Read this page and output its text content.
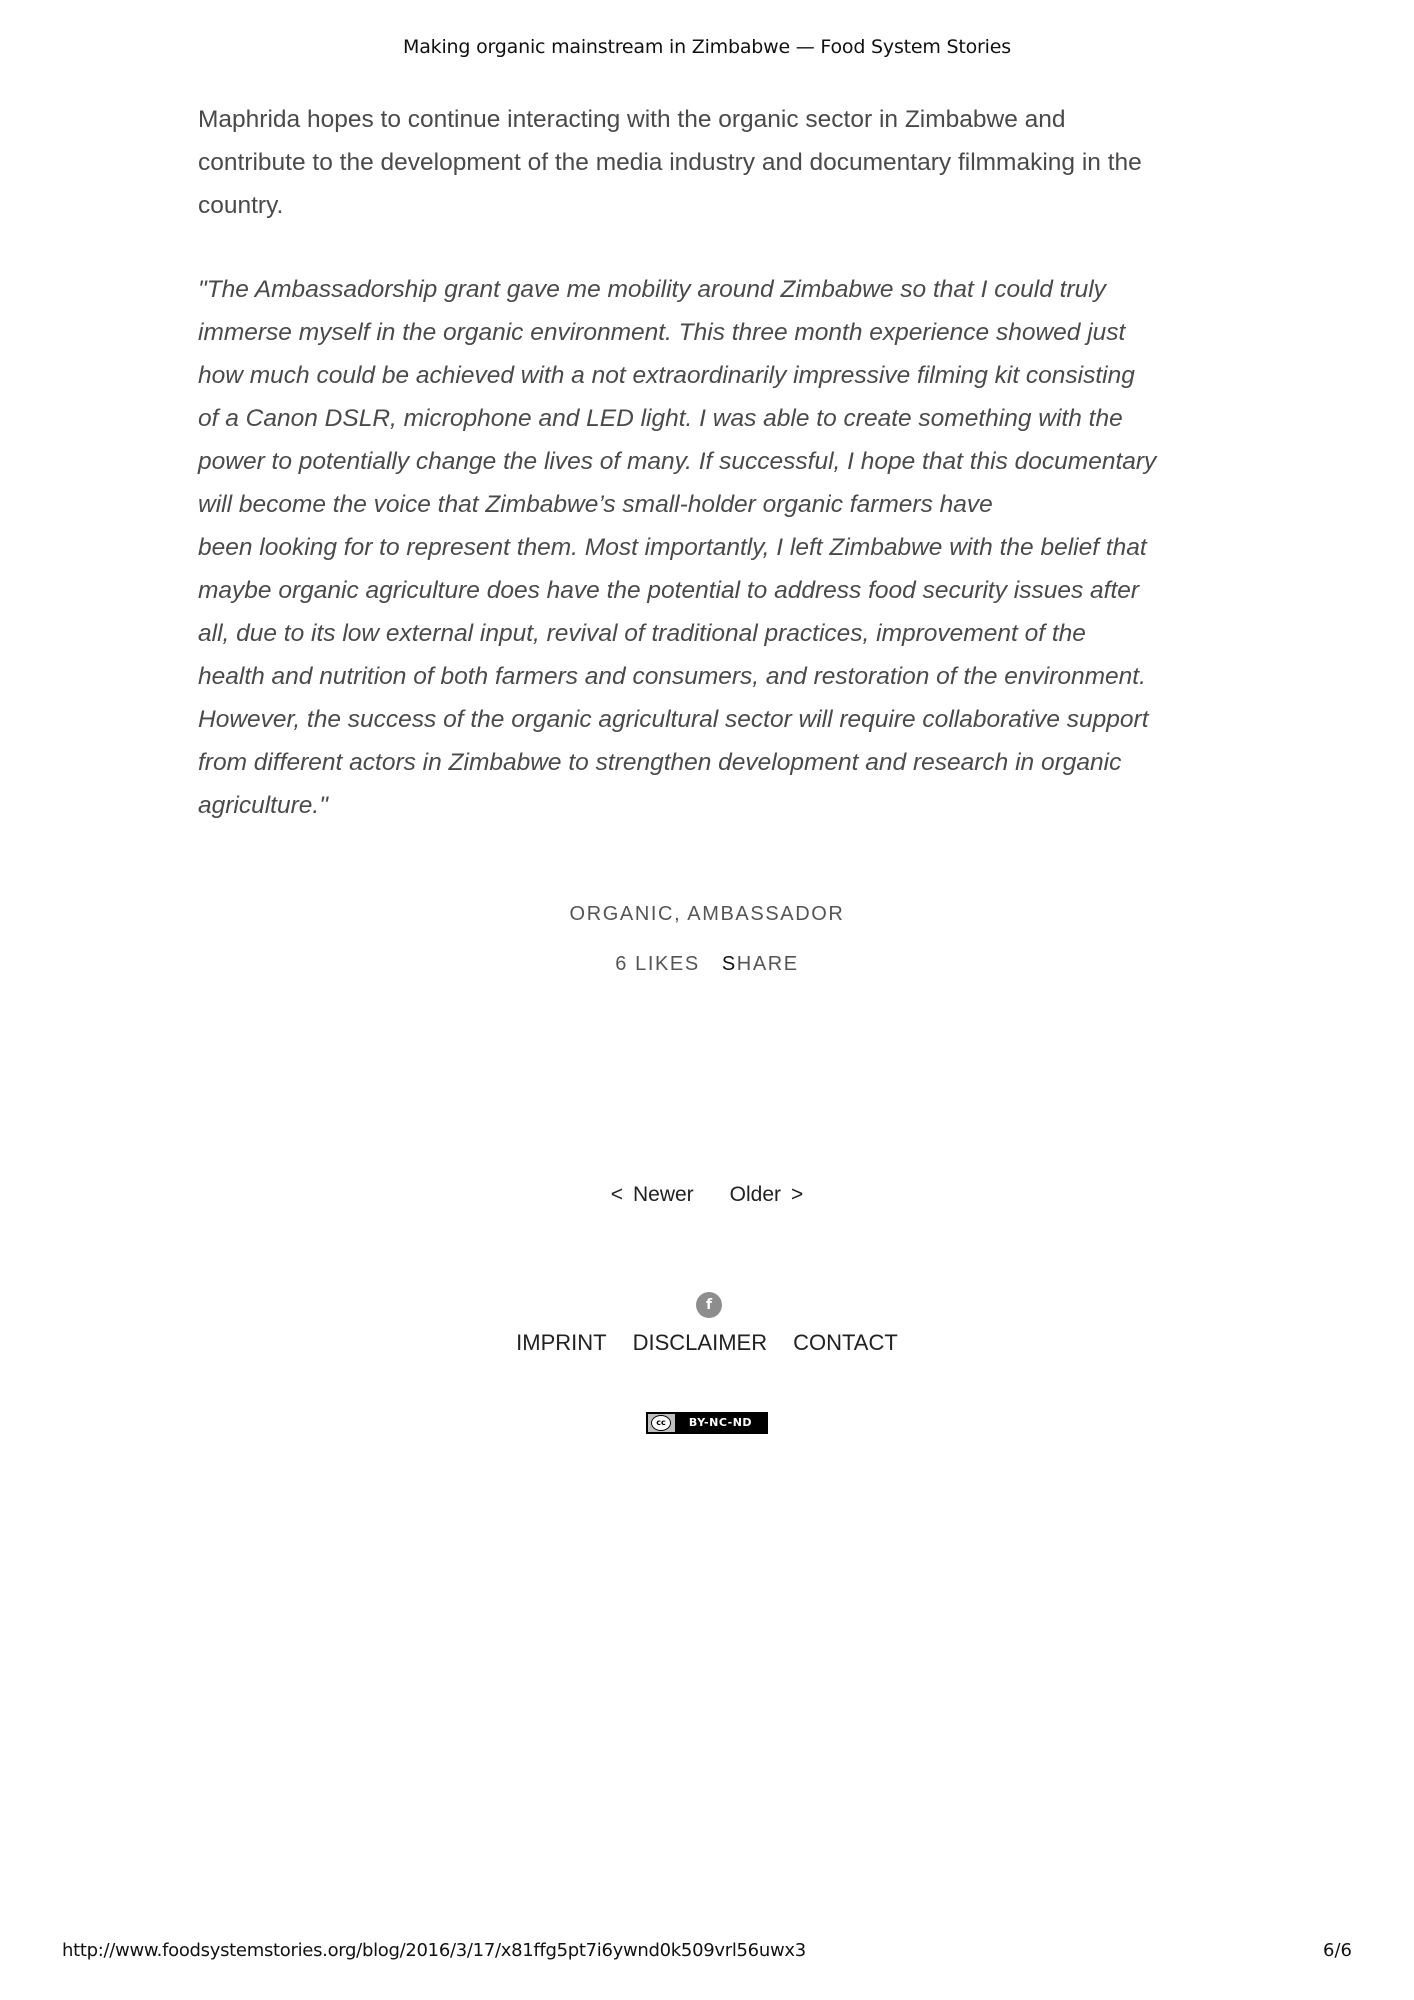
Making organic mainstream in Zimbabwe — Food System Stories

Maphrida hopes to continue interacting with the organic sector in Zimbabwe and
contribute to the development of the media industry and documentary filmmaking in the
country.

"The Ambassadorship grant gave me mobility around Zimbabwe so that I could truly
immerse myself in the organic environment. This three month experience showed just
how much could be achieved with a not extraordinarily impressive filming kit consisting
of a Canon DSLR, microphone and LED light. I was able to create something with the
power to potentially change the lives of many. If successful, I hope that this documentary
will become the voice that Zimbabwe’s small-holder organic farmers have
been looking for to represent them. Most importantly, I left Zimbabwe with the belief that
maybe organic agriculture does have the potential to address food security issues after
all, due to its low external input, revival of traditional practices, improvement of the
health and nutrition of both farmers and consumers, and restoration of the environment.
However, the success of the organic agricultural sector will require collaborative support
from different actors in Zimbabwe to strengthen development and research in organic
agriculture."

ORGANIC, AMBASSADOR
6 LIKES SHARE
< Newer Older >
f
IMPRINT DISCLAIMER CONTACT
cc	BY-NC-ND
http://www.foodsystemstories.org/blog/2016/3/17/x81ffg5pt7i6ywnd0k509vrl56uwx3	6/6
